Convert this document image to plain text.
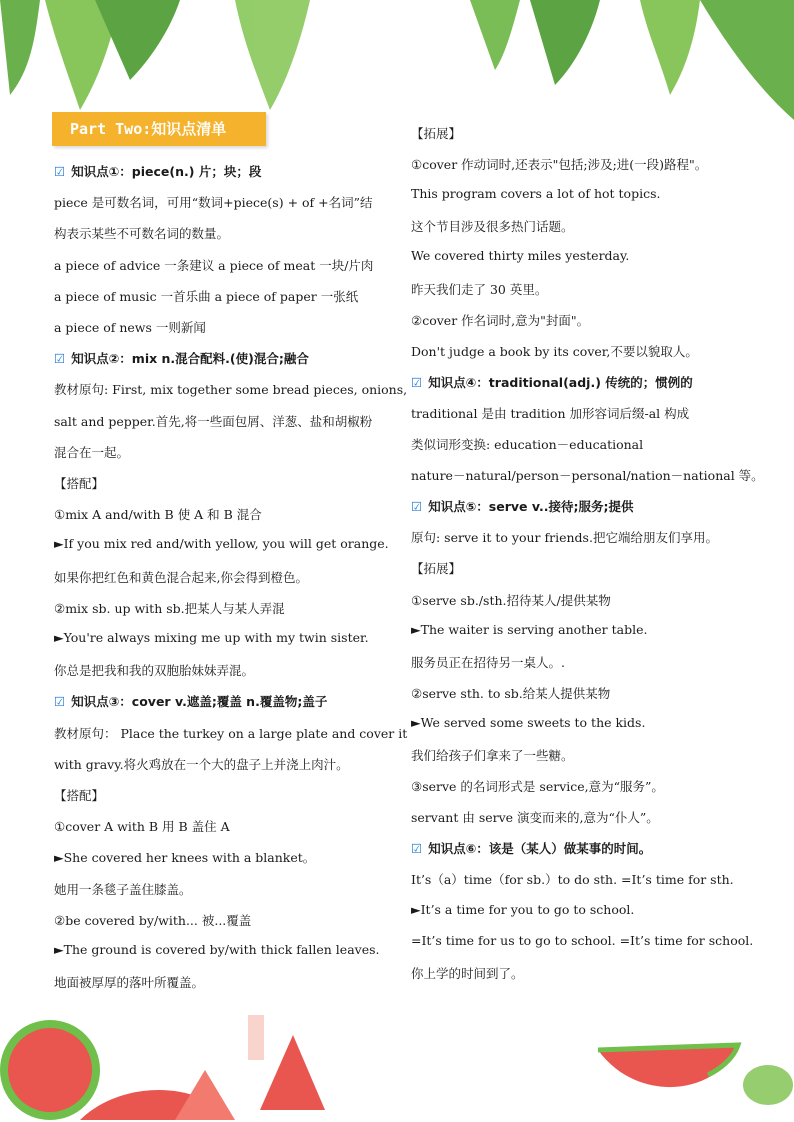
Part Two:知识点清单
☑ 知识点①：piece(n.) 片；块；段
piece 是可数名词，可用“数词+piece(s) + of +名词”结
构表示某些不可数名词的数量。
a piece of advice 一条建议 a piece of meat 一块/片肉
a piece of music 一首乐曲 a piece of paper 一张纸
a piece of news 一则新闻
☑ 知识点②：mix n.混合配料.(使)混合;融合
教材原句: First, mix together some bread pieces, onions,
salt and pepper.首先,将一些面包屑、洋葱、盐和胡椒粉
混合在一起。
【搭配】
①mix A and/with B 使 A 和 B 混合
►If you mix red and/with yellow, you will get orange.
如果你把红色和黄色混合起来,你会得到橙色。
②mix sb. up with sb.把某人与某人弄混
►You're always mixing me up with my twin sister.
你总是把我和我的双胞胎妹妹弄混。
☑ 知识点③：cover v.遮盖;覆盖 n.覆盖物;盖子
教材原句： Place the turkey on a large plate and cover it
with gravy.将火鸡放在一个大的盘子上并浇上肉汁。
【搭配】
①cover A with B 用 B 盖住 A
►She covered her knees with a blanket。
她用一条毯子盖住膝盖。
②be covered by/with... 被...覆盖
►The ground is covered by/with thick fallen leaves.
地面被厚厚的落叶所覆盖。
【拓展】
①cover 作动词时,还表示"包括;涉及;进(一段)路程"。
This program covers a lot of hot topics.
这个节目涉及很多热门话题。
We covered thirty miles yesterday.
昨天我们走了 30 英里。
②cover 作名词时,意为"封面"。
Don't judge a book by its cover,不要以貌取人。
☑ 知识点④：traditional(adj.) 传统的；惯例的
traditional 是由 tradition 加形容词后缀-al 构成
类似词形变换: education－educational
nature－natural/person－personal/nation－national 等。
☑ 知识点⑤：serve v..接待;服务;提供
原句: serve it to your friends.把它端给朋友们享用。
【拓展】
①serve sb./sth.招待某人/提供某物
►The waiter is serving another table.
服务员正在招待另一桌人。.
②serve sth. to sb.给某人提供某物
►We served some sweets to the kids.
我们给孩子们拿来了一些糖。
③serve 的名词形式是 service,意为“服务”。
servant 由 serve 演变而来的,意为“仆人”。
☑ 知识点⑥：该是（某人）做某事的时间。
It’s（a）time（for sb.）to do sth. =It’s time for sth.
►It’s a time for you to go to school.
=It’s time for us to go to school. =It’s time for school.
你上学的时间到了。
